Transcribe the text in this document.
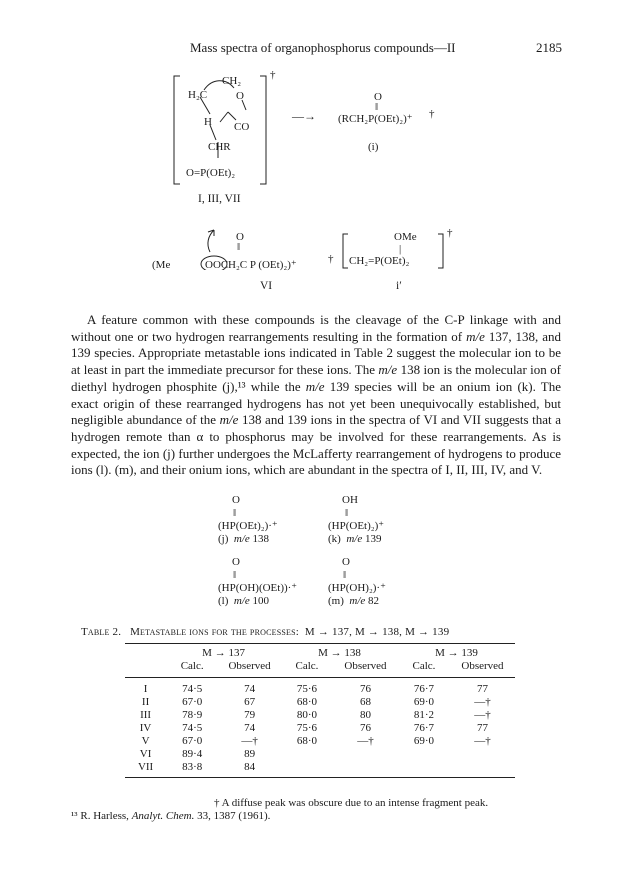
Mass spectra of organophosphorus compounds—II	2185
CH₂
H₂C	O
H CO
CHR
O=P(OEt)₂
†
I, III, VII
—→
O
‖
(RCH₂P(OEt)₂)⁺ †
(i)
O
‖
(Me	OOC H₂C P (OEt)₂)⁺	†
VI
OMe
|
CH₂=P(OEt)₂
†
i′

A feature common with these compounds is the cleavage of the C-P linkage with and without one or two hydrogen rearrangements resulting in the formation of m/e 137, 138, and 139 species. Appropriate metastable ions indicated in Table 2 suggest the molecular ion to be at least in part the immediate precursor for these ions. The m/e 138 ion is the molecular ion of diethyl hydrogen phosphite (j),¹³ while the m/e 139 species will be an onium ion (k). The exact origin of these rearranged hydrogens has not yet been unequivocally established, but negligible abundance of the m/e 138 and 139 ions in the spectra of VI and VII suggests that a hydrogen remote than α to phosphorus may be involved for these rearrangements. As is expected, the ion (j) further undergoes the McLafferty rearrangement of hydrogens to produce ions (l). (m), and their onium ions, which are abundant in the spectra of I, II, III, IV, and V.

O
‖
(HP(OEt)₂)·⁺
(j) m/e 138
OH
‖
(HP(OEt)₂)⁺
(k) m/e 139
O
‖
(HP(OH)(OEt))·⁺
(l) m/e 100
O
‖
(HP(OH)₂)·⁺
(m) m/e 82
Table 2. Metastable ions for the processes: M → 137, M → 138, M → 139
	M → 137		M → 138		M → 139	
	Calc.	Observed	Calc.	Observed	Calc.	Observed
I	74·5	74	75·6	76	76·7	77
II	67·0	67	68·0	68	69·0	—†
III	78·9	79	80·0	80	81·2	—†
IV	74·5	74	75·6	76	76·7	77
V	67·0	—†	68·0	—†	69·0	—†
VI	89·4	89				
VII	83·8	84				
† A diffuse peak was obscure due to an intense fragment peak.
¹³ R. Harless, Analyt. Chem. 33, 1387 (1961).
